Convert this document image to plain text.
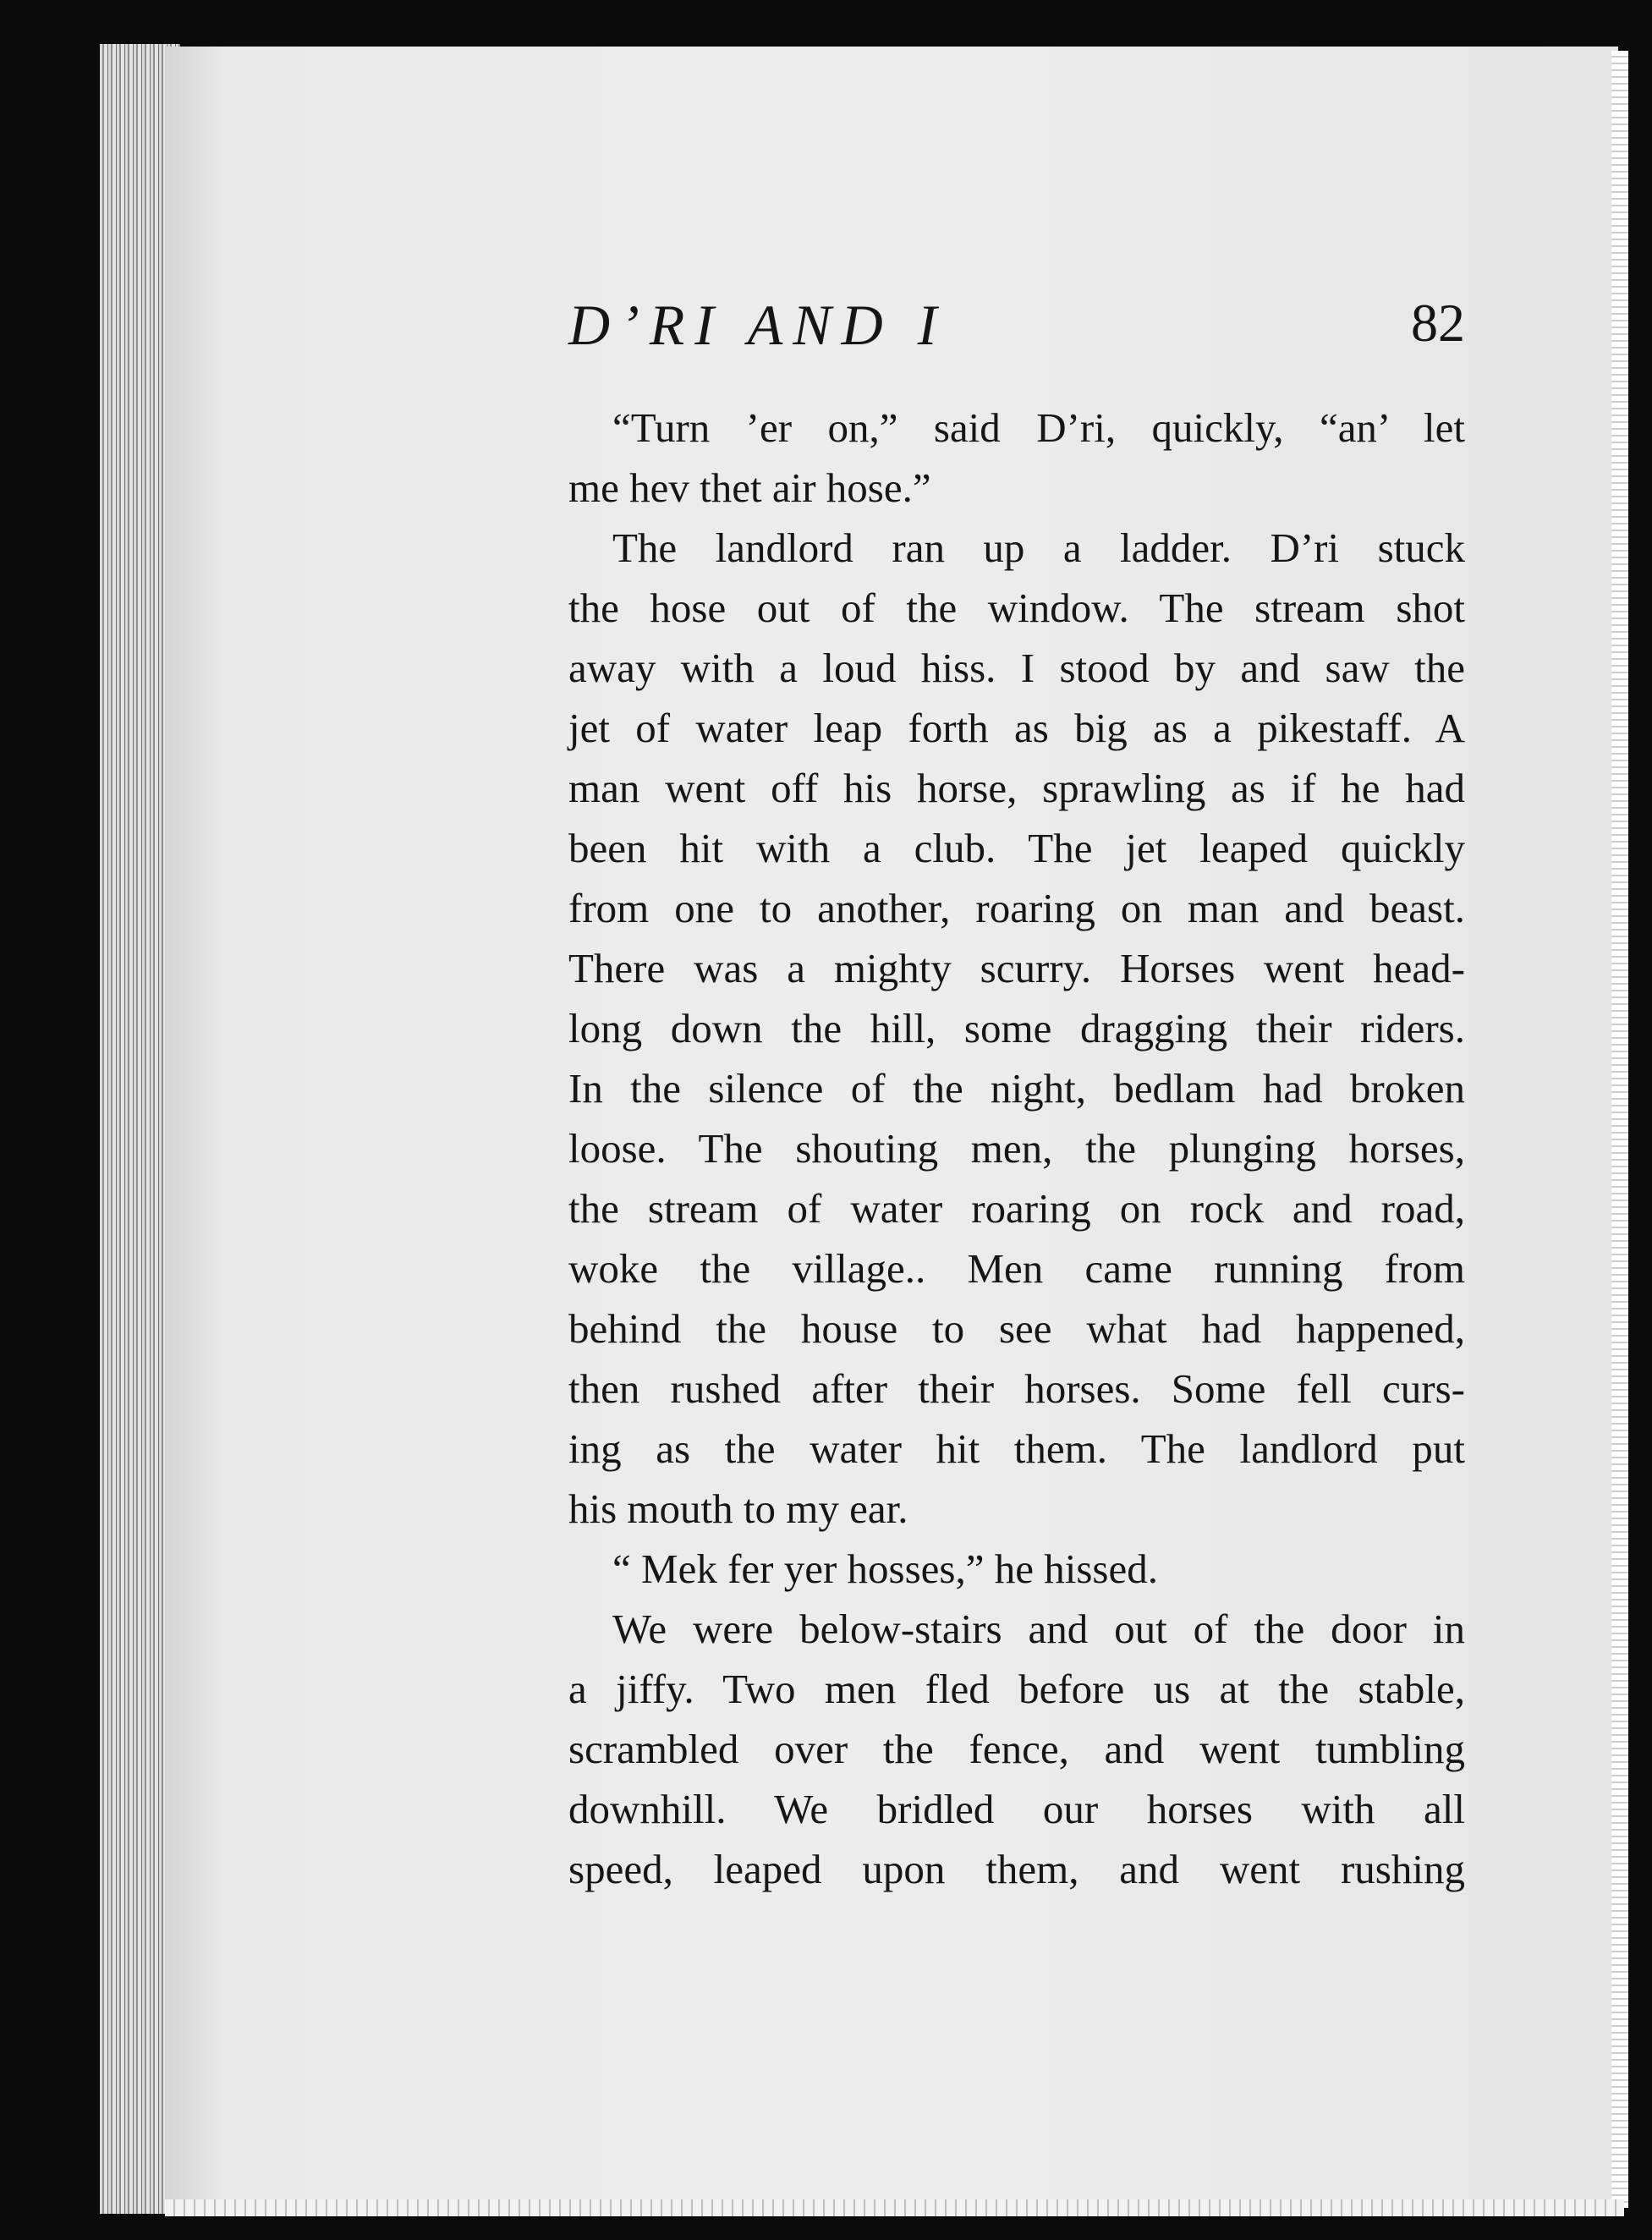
D’RI AND I	82
“Turn ’er on,” said D’ri, quickly, “an’ let
me hev thet air hose.”
The landlord ran up a ladder. D’ri stuck
the hose out of the window. The stream shot
away with a loud hiss. I stood by and saw the
jet of water leap forth as big as a pikestaff. A
man went off his horse, sprawling as if he had
been hit with a club. The jet leaped quickly
from one to another, roaring on man and beast.
There was a mighty scurry. Horses went head-
long down the hill, some dragging their riders.
In the silence of the night, bedlam had broken
loose. The shouting men, the plunging horses,
the stream of water roaring on rock and road,
woke the village.. Men came running from
behind the house to see what had happened,
then rushed after their horses. Some fell curs-
ing as the water hit them. The landlord put
his mouth to my ear.
“ Mek fer yer hosses,” he hissed.
We were below-stairs and out of the door in
a jiffy. Two men fled before us at the stable,
scrambled over the fence, and went tumbling
downhill. We bridled our horses with all
speed, leaped upon them, and went rushing
